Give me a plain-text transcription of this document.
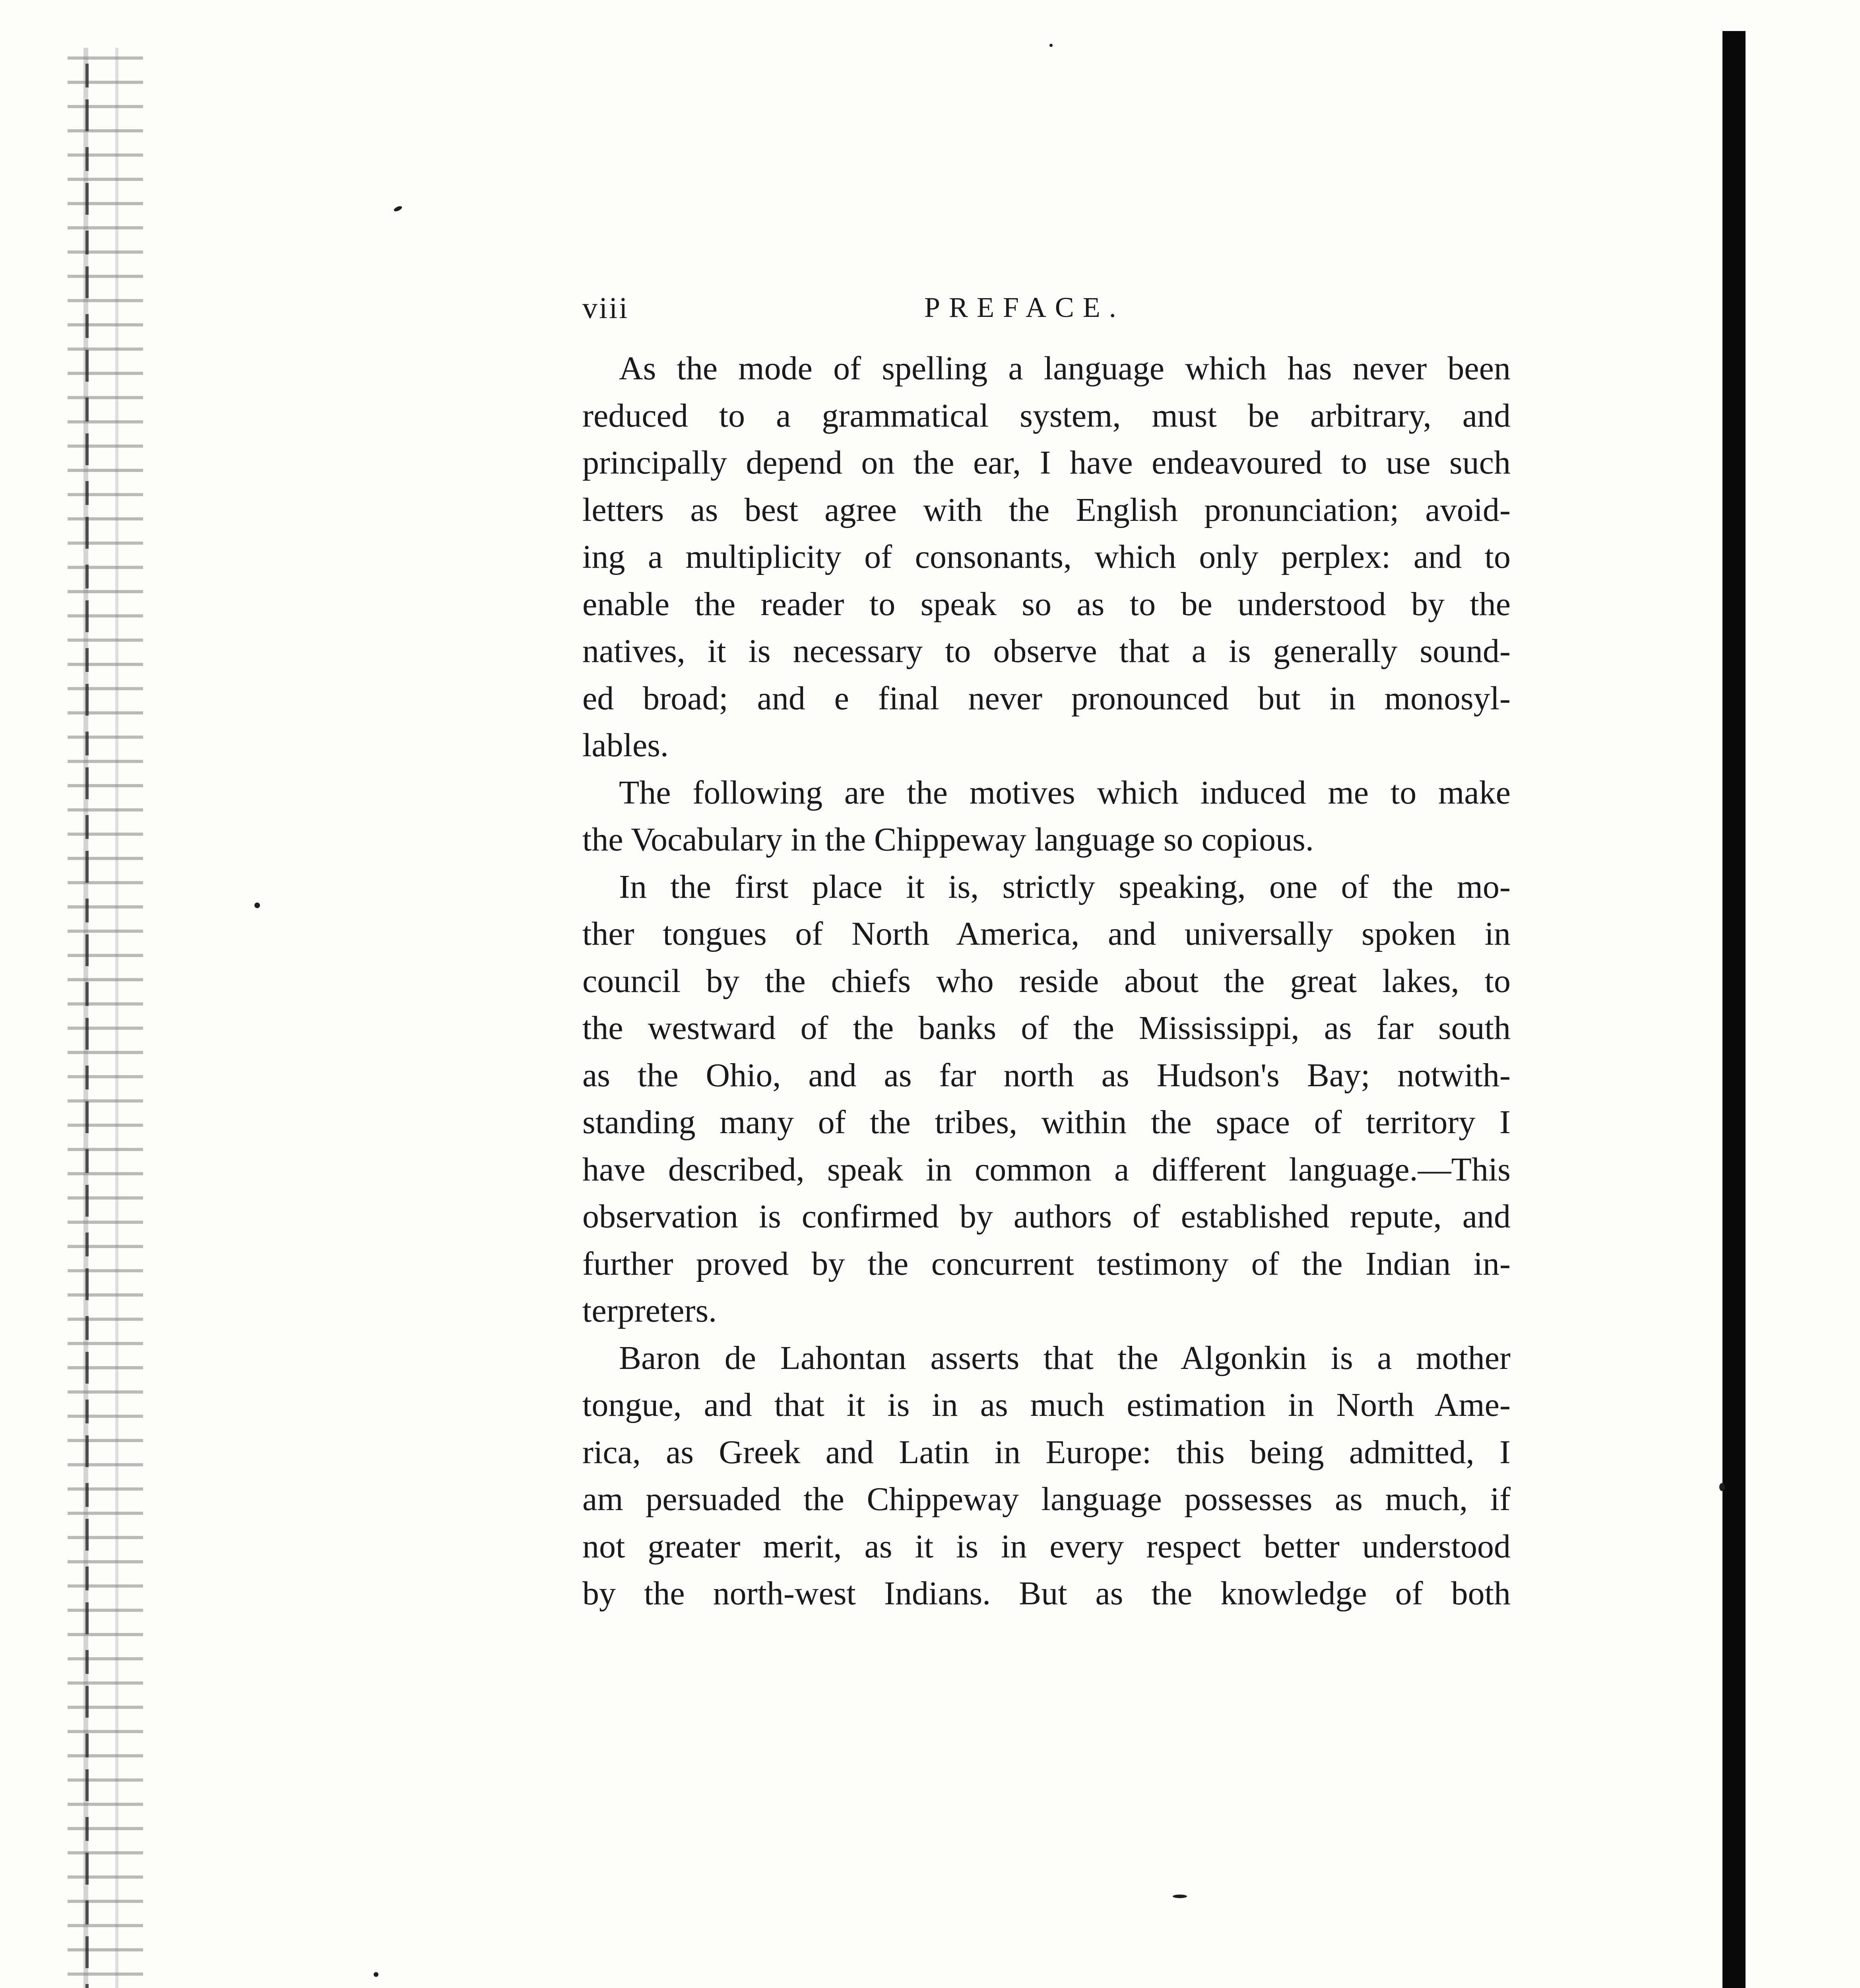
viii	PREFACE.
As the mode of spelling a language which has never been
reduced to a grammatical system, must be arbitrary, and
principally depend on the ear, I have endeavoured to use such
letters as best agree with the English pronunciation; avoid-
ing a multiplicity of consonants, which only perplex: and to
enable the reader to speak so as to be understood by the
natives, it is necessary to observe that a is generally sound-
ed broad; and e final never pronounced but in monosyl-
lables.
The following are the motives which induced me to make
the Vocabulary in the Chippeway language so copious.
In the first place it is, strictly speaking, one of the mo-
ther tongues of North America, and universally spoken in
council by the chiefs who reside about the great lakes, to
the westward of the banks of the Mississippi, as far south
as the Ohio, and as far north as Hudson's Bay; notwith-
standing many of the tribes, within the space of territory I
have described, speak in common a different language.—This
observation is confirmed by authors of established repute, and
further proved by the concurrent testimony of the Indian in-
terpreters.
Baron de Lahontan asserts that the Algonkin is a mother
tongue, and that it is in as much estimation in North Ame-
rica, as Greek and Latin in Europe: this being admitted, I
am persuaded the Chippeway language possesses as much, if
not greater merit, as it is in every respect better understood
by the north-west Indians. But as the knowledge of both
